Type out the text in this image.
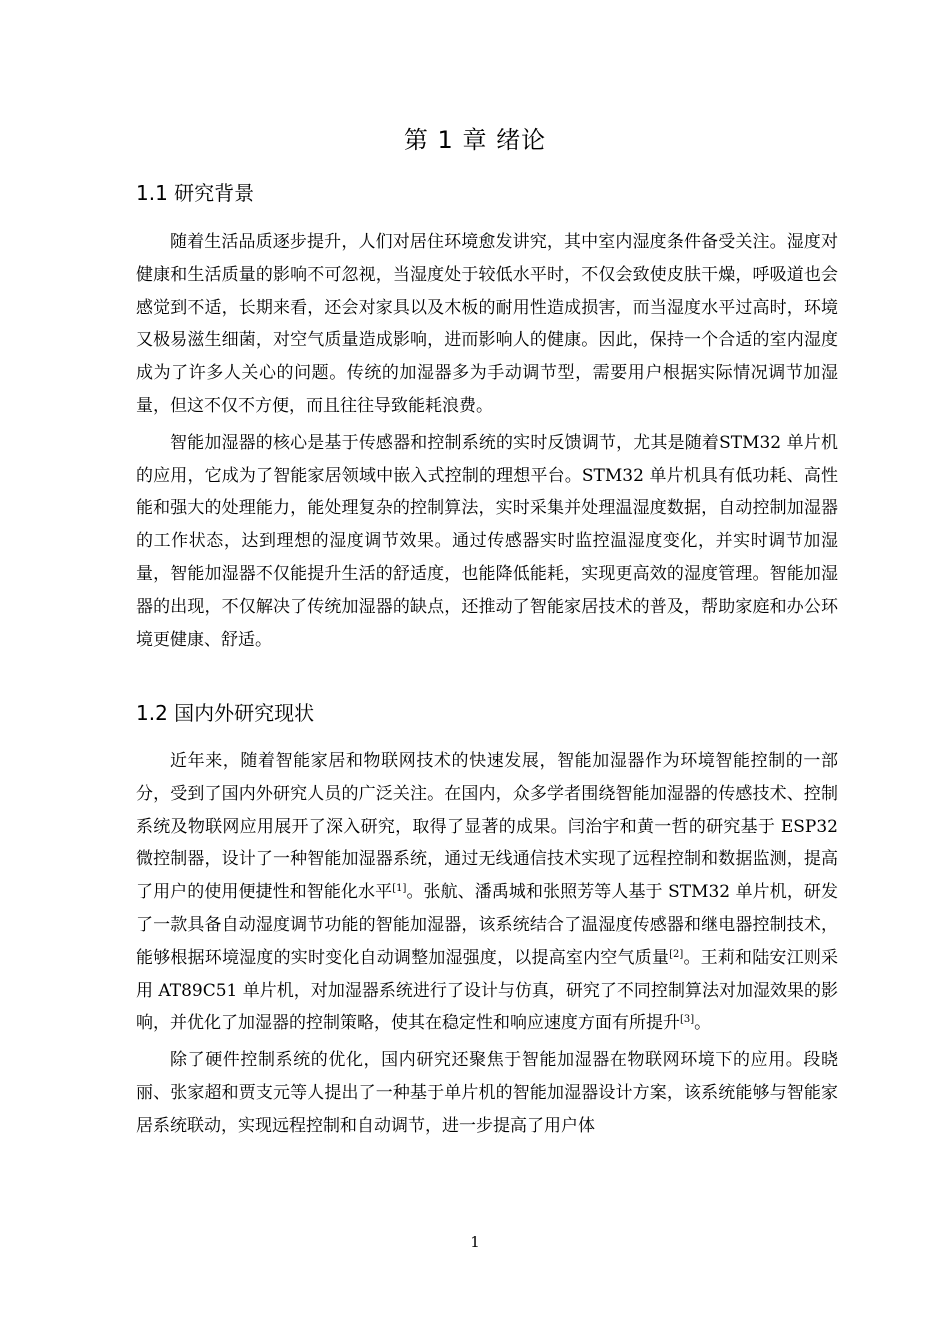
第 1 章 绪论
1.1 研究背景

随着生活品质逐步提升，人们对居住环境愈发讲究，其中室内湿度条件备受关注。湿度对健康和生活质量的影响不可忽视，当湿度处于较低水平时，不仅会致使皮肤干燥，呼吸道也会感觉到不适，长期来看，还会对家具以及木板的耐用性造成损害，而当湿度水平过高时，环境又极易滋生细菌，对空气质量造成影响，进而影响人的健康。因此，保持一个合适的室内湿度成为了许多人关心的问题。传统的加湿器多为手动调节型，需要用户根据实际情况调节加湿量，但这不仅不方便，而且往往导致能耗浪费。

智能加湿器的核心是基于传感器和控制系统的实时反馈调节，尤其是随着STM32 单片机的应用，它成为了智能家居领域中嵌入式控制的理想平台。STM32 单片机具有低功耗、高性能和强大的处理能力，能处理复杂的控制算法，实时采集并处理温湿度数据，自动控制加湿器的工作状态，达到理想的湿度调节效果。通过传感器实时监控温湿度变化，并实时调节加湿量，智能加湿器不仅能提升生活的舒适度，也能降低能耗，实现更高效的湿度管理。智能加湿器的出现，不仅解决了传统加湿器的缺点，还推动了智能家居技术的普及，帮助家庭和办公环境更健康、舒适。

1.2 国内外研究现状

近年来，随着智能家居和物联网技术的快速发展，智能加湿器作为环境智能控制的一部分，受到了国内外研究人员的广泛关注。在国内，众多学者围绕智能加湿器的传感技术、控制系统及物联网应用展开了深入研究，取得了显著的成果。闫治宇和黄一哲的研究基于 ESP32 微控制器，设计了一种智能加湿器系统，通过无线通信技术实现了远程控制和数据监测，提高了用户的使用便捷性和智能化水平[1]。张航、潘禹城和张照芳等人基于 STM32 单片机，研发了一款具备自动湿度调节功能的智能加湿器，该系统结合了温湿度传感器和继电器控制技术，能够根据环境湿度的实时变化自动调整加湿强度，以提高室内空气质量[2]。王莉和陆安江则采用 AT89C51 单片机，对加湿器系统进行了设计与仿真，研究了不同控制算法对加湿效果的影响，并优化了加湿器的控制策略，使其在稳定性和响应速度方面有所提升[3]。

除了硬件控制系统的优化，国内研究还聚焦于智能加湿器在物联网环境下的应用。段晓丽、张家超和贾支元等人提出了一种基于单片机的智能加湿器设计方案，该系统能够与智能家居系统联动，实现远程控制和自动调节，进一步提高了用户体

1
